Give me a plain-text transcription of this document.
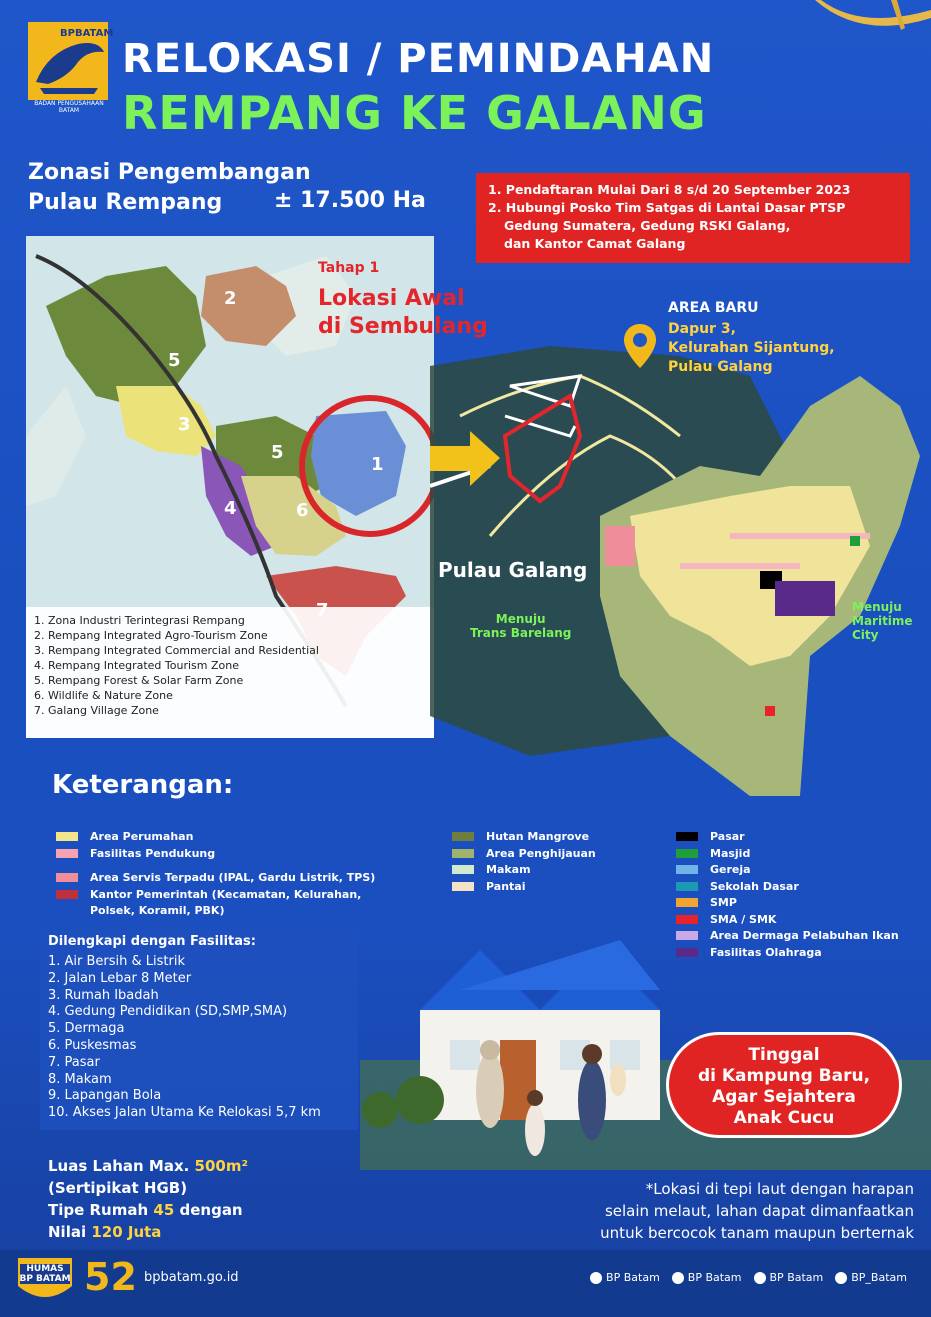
BPBATAM
BADAN PENGUSAHAAN BATAM
RELOKASI / PEMINDAHAN
REMPANG KE GALANG
Zonasi Pengembangan
Pulau Rempang	± 17.500 Ha	1. Pendaftaran Mulai Dari 8 s/d 20 September 2023
2. Hubungi Posko Tim Satgas di Lantai Dasar PTSP
Gedung Sumatera, Gedung RSKI Galang,
dan Kantor Camat Galang
1
2
3
4
5
5
6
1. Zona Industri Terintegrasi Rempang
2. Rempang Integrated Agro-Tourism Zone
3. Rempang Integrated Commercial and Residential
4. Rempang Integrated Tourism Zone
5. Rempang Forest & Solar Farm Zone
6. Wildlife & Nature Zone
7. Galang Village Zone
Tahap 1
Lokasi Awal
di Sembulang
AREA BARU
Dapur 3,
Kelurahan Sijantung,
Pulau Galang
Pulau Galang
Menuju
Trans Barelang
Menuju
Maritime
City
Keterangan:
Area Perumahan
Fasilitas Pendukung
Area Servis Terpadu (IPAL, Gardu Listrik, TPS)
Kantor Pemerintah (Kecamatan, Kelurahan, Polsek, Koramil, PBK)
Hutan Mangrove
Area Penghijauan
Makam
Pantai
Pasar
Masjid
Gereja
Sekolah Dasar
SMP
SMA / SMK
Area Dermaga Pelabuhan Ikan
Fasilitas Olahraga
Dilengkapi dengan Fasilitas:
1. Air Bersih & Listrik
2. Jalan Lebar 8 Meter
3. Rumah Ibadah
4. Gedung Pendidikan (SD,SMP,SMA)
5. Dermaga
6. Puskesmas
7. Pasar
8. Makam
9. Lapangan Bola
10. Akses Jalan Utama Ke Relokasi 5,7 km
Tinggal
di Kampung Baru,
Agar Sejahtera
Anak Cucu
Luas Lahan Max. 500m²
(Sertipikat HGB)
Tipe Rumah 45 dengan
Nilai 120 Juta
*Lokasi di tepi laut dengan harapan
selain melaut, lahan dapat dimanfaatkan
untuk bercocok tanam maupun berternak
HUMAS
BP BATAM 52 bpbatam.go.id	BP Batam	BP Batam	BP Batam	BP_Batam
